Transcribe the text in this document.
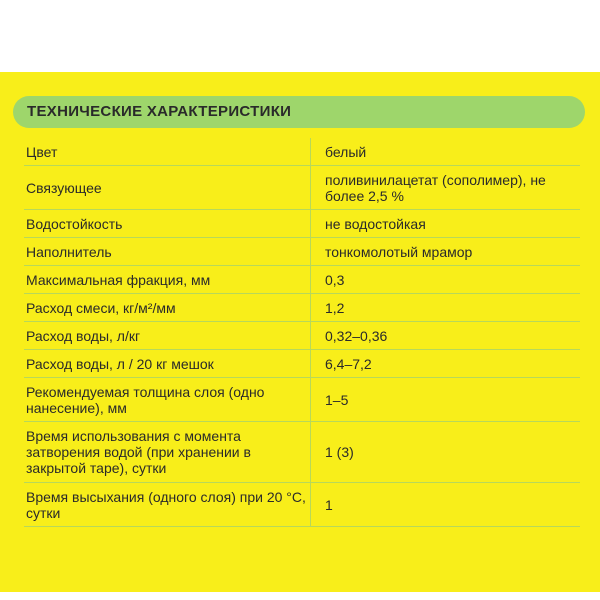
ТЕХНИЧЕСКИЕ ХАРАКТЕРИСТИКИ
Цвет	белый
Связующее	поливинилацетат (сополимер), не более 2,5 %
Водостойкость	не водостойкая
Наполнитель	тонкомолотый мрамор
Максимальная фракция, мм	0,3
Расход смеси, кг/м²/мм	1,2
Расход воды, л/кг	0,32–0,36
Расход воды, л / 20 кг мешок	6,4–7,2
Рекомендуемая толщина слоя (одно нанесение), мм	1–5
Время использования с момента затворения водой (при хранении в закрытой таре), сутки	1 (3)
Время высыхания (одного слоя) при 20 °C, сутки	1
